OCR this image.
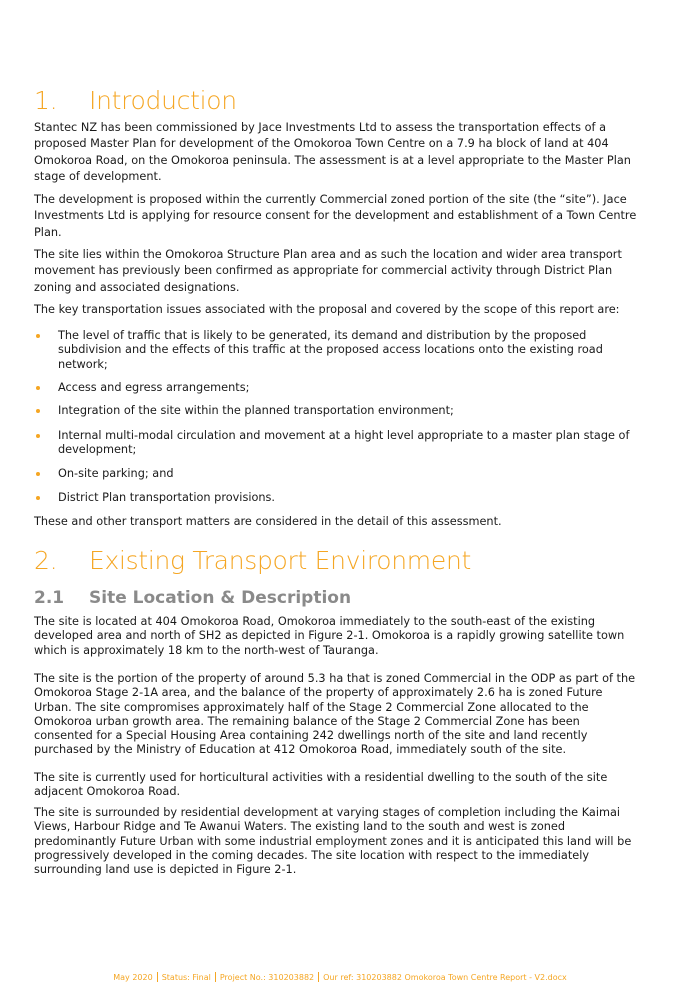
1. Introduction
Stantec NZ has been commissioned by Jace Investments Ltd to assess the transportation effects of a proposed Master Plan for development of the Omokoroa Town Centre on a 7.9 ha block of land at 404 Omokoroa Road, on the Omokoroa peninsula. The assessment is at a level appropriate to the Master Plan stage of development.
The development is proposed within the currently Commercial zoned portion of the site (the “site”). Jace Investments Ltd is applying for resource consent for the development and establishment of a Town Centre Plan.
The site lies within the Omokoroa Structure Plan area and as such the location and wider area transport movement has previously been confirmed as appropriate for commercial activity through District Plan zoning and associated designations.
The key transportation issues associated with the proposal and covered by the scope of this report are:
The level of traffic that is likely to be generated, its demand and distribution by the proposed subdivision and the effects of this traffic at the proposed access locations onto the existing road network;
Access and egress arrangements;
Integration of the site within the planned transportation environment;
Internal multi-modal circulation and movement at a hight level appropriate to a master plan stage of development;
On-site parking; and
District Plan transportation provisions.
These and other transport matters are considered in the detail of this assessment.
2. Existing Transport Environment
2.1 Site Location & Description
The site is located at 404 Omokoroa Road, Omokoroa immediately to the south-east of the existing developed area and north of SH2 as depicted in Figure 2-1. Omokoroa is a rapidly growing satellite town which is approximately 18 km to the north-west of Tauranga.
The site is the portion of the property of around 5.3 ha that is zoned Commercial in the ODP as part of the Omokoroa Stage 2-1A area, and the balance of the property of approximately 2.6 ha is zoned Future Urban. The site compromises approximately half of the Stage 2 Commercial Zone allocated to the Omokoroa urban growth area. The remaining balance of the Stage 2 Commercial Zone has been consented for a Special Housing Area containing 242 dwellings north of the site and land recently purchased by the Ministry of Education at 412 Omokoroa Road, immediately south of the site.
The site is currently used for horticultural activities with a residential dwelling to the south of the site adjacent Omokoroa Road.
The site is surrounded by residential development at varying stages of completion including the Kaimai Views, Harbour Ridge and Te Awanui Waters. The existing land to the south and west is zoned predominantly Future Urban with some industrial employment zones and it is anticipated this land will be progressively developed in the coming decades. The site location with respect to the immediately surrounding land use is depicted in Figure 2-1.
May 2020 Status: Final Project No.: 310203882 Our ref: 310203882 Omokoroa Town Centre Report - V2.docx
